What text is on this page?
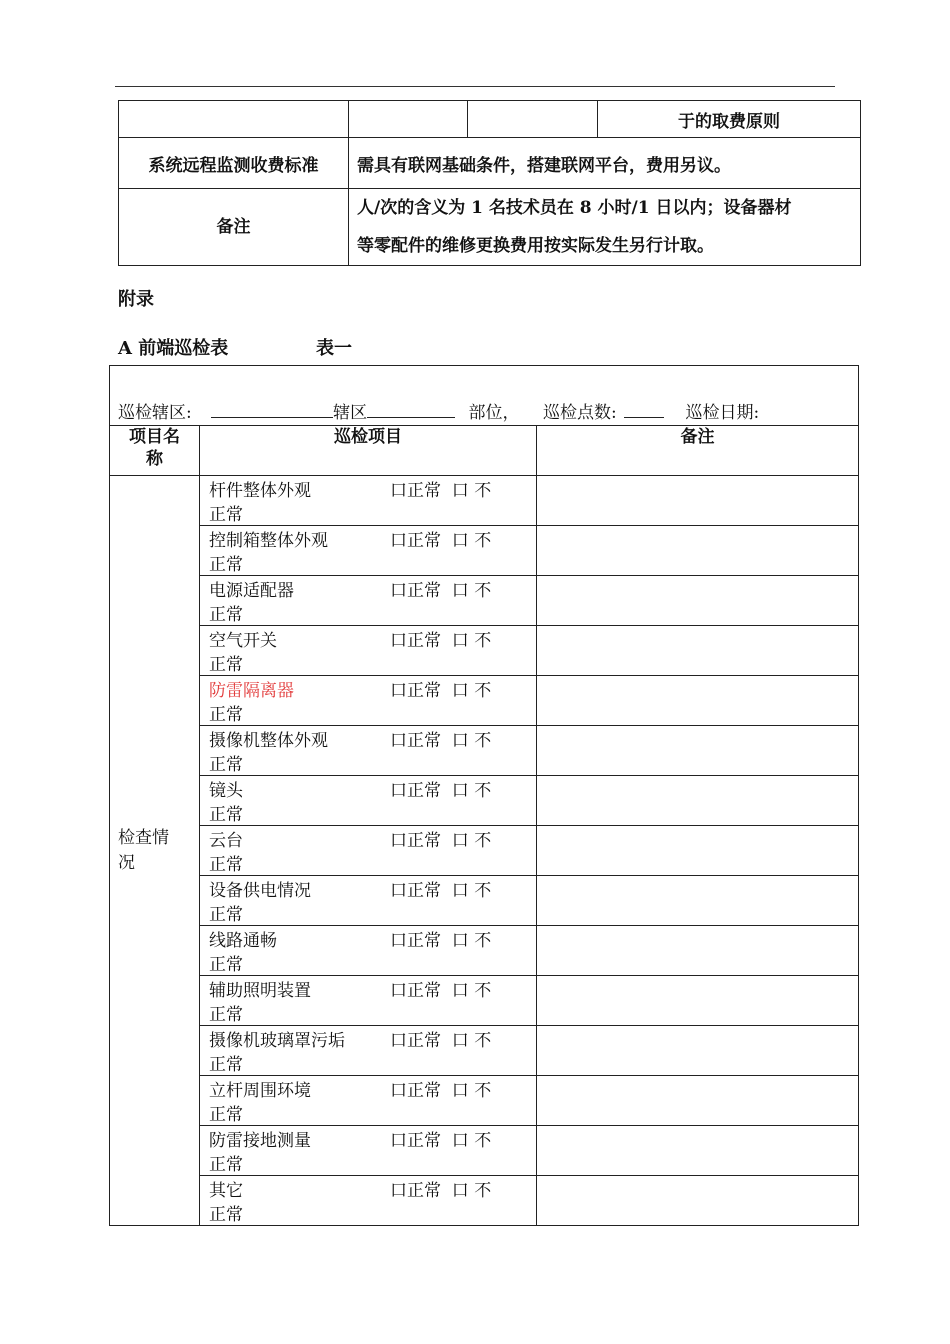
			于的取费原则
系统远程监测收费标准	需具有联网基础条件，搭建联网平台，费用另议。		
备注	人/次的含义为 1 名技术员在 8 小时/1 日以内；设备器材
等零配件的维修更换费用按实际发生另行计取。		
附录
A 前端巡检表	表一
巡检辖区: 辖区 部位， 巡检点数: 巡检日期:		

项目名称	巡检项目	备注

检查情况	杆件整体外观 口正常  口 不
正常	

	控制箱整体外观 口正常  口 不
正常	

	电源适配器 口正常  口 不
正常	

	空气开关 口正常  口 不
正常	

	防雷隔离器 口正常  口 不
正常	

	摄像机整体外观 口正常  口 不
正常	

	镜头 口正常  口 不
正常	

	云台 口正常  口 不
正常	

	设备供电情况 口正常  口 不
正常	

	线路通畅 口正常  口 不
正常	

	辅助照明装置 口正常  口 不
正常	

	摄像机玻璃罩污垢 口正常  口 不
正常	

	立杆周围环境 口正常  口 不
正常	

	防雷接地测量 口正常  口 不
正常	

	其它 口正常  口 不
正常	
